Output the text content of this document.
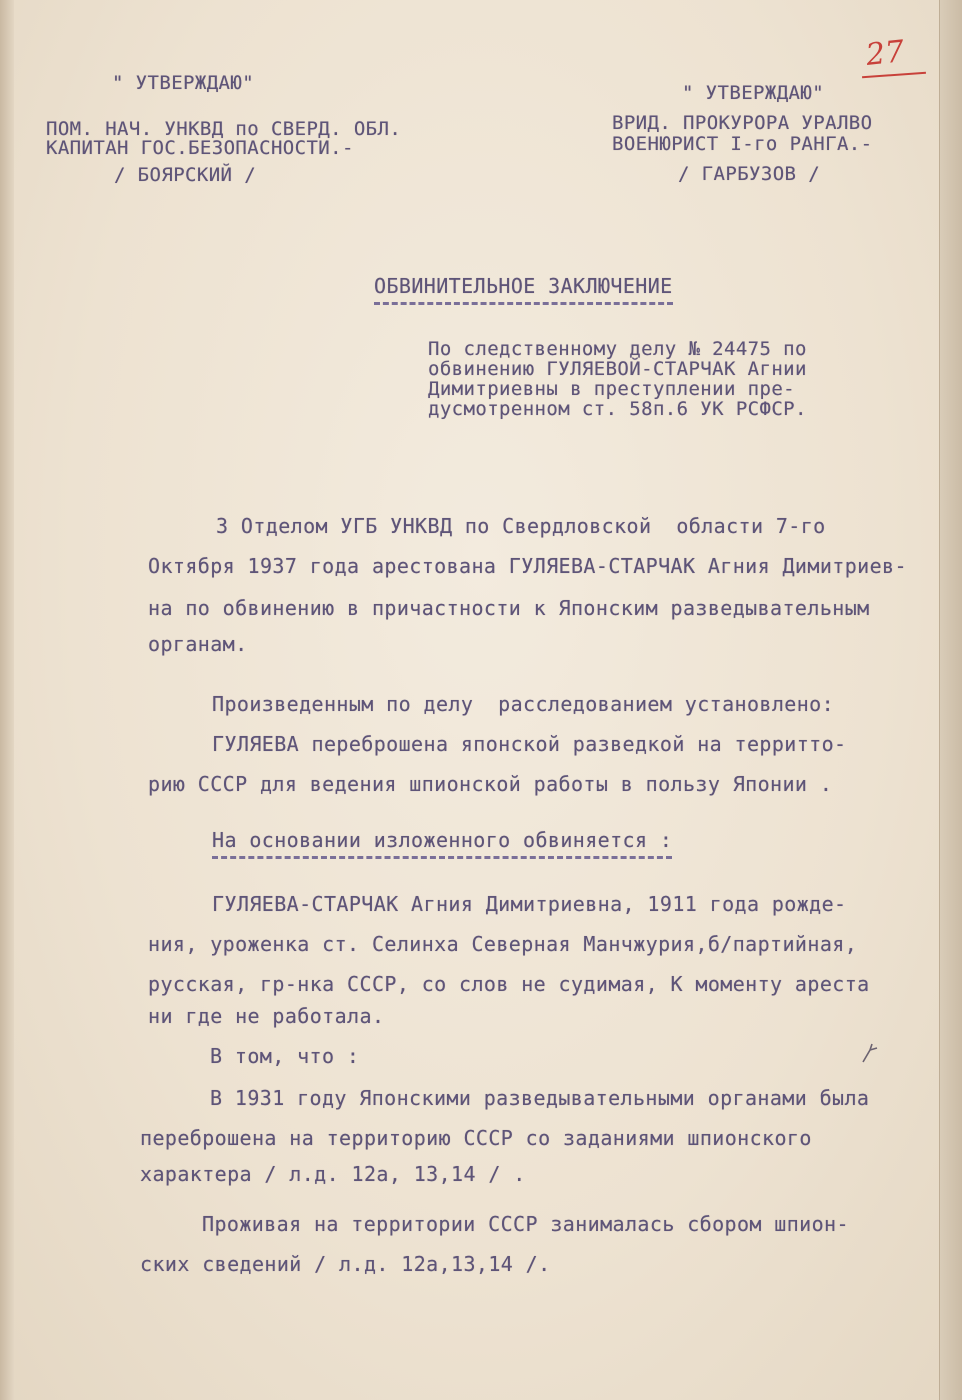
27
" УТВЕРЖДАЮ"
ПОМ. НАЧ. УНКВД по СВЕРД. ОБЛ.
КАПИТАН ГОС.БЕЗОПАСНОСТИ.-
/ БОЯРСКИЙ /
" УТВЕРЖДАЮ"
ВРИД. ПРОКУРОРА УРАЛВО
ВОЕНЮРИСТ I-го РАНГА.-
/ ГАРБУЗОВ /
ОБВИНИТЕЛЬНОЕ ЗАКЛЮЧЕНИЕ
По следственному делу № 24475 по
обвинению ГУЛЯЕВОЙ-СТАРЧАК Агнии
Димитриевны в преступлении пре-
дусмотренном ст. 58п.6 УК РСФСР.
3 Отделом УГБ УНКВД по Свердловской  области 7-го
Октября 1937 года арестована ГУЛЯЕВА-СТАРЧАК Агния Димитриев-
на по обвинению в причастности к Японским разведывательным
органам.
Произведенным по делу  расследованием установлено:
ГУЛЯЕВА переброшена японской разведкой на территто-
рию СССР для ведения шпионской работы в пользу Японии .
На основании изложенного обвиняется :
ГУЛЯЕВА-СТАРЧАК Агния Димитриевна, 1911 года рожде-
ния, уроженка ст. Селинха Северная Манчжурия,б/партийная,
русская, гр-нка СССР, со слов не судимая, К моменту ареста
ни где не работала.
В том, что :
В 1931 году Японскими разведывательными органами была
переброшена на территорию СССР со заданиями шпионского
характера / л.д. 12а, 13,14 / .
Проживая на территории СССР занималась сбором шпион-
ских сведений / л.д. 12а,13,14 /.
